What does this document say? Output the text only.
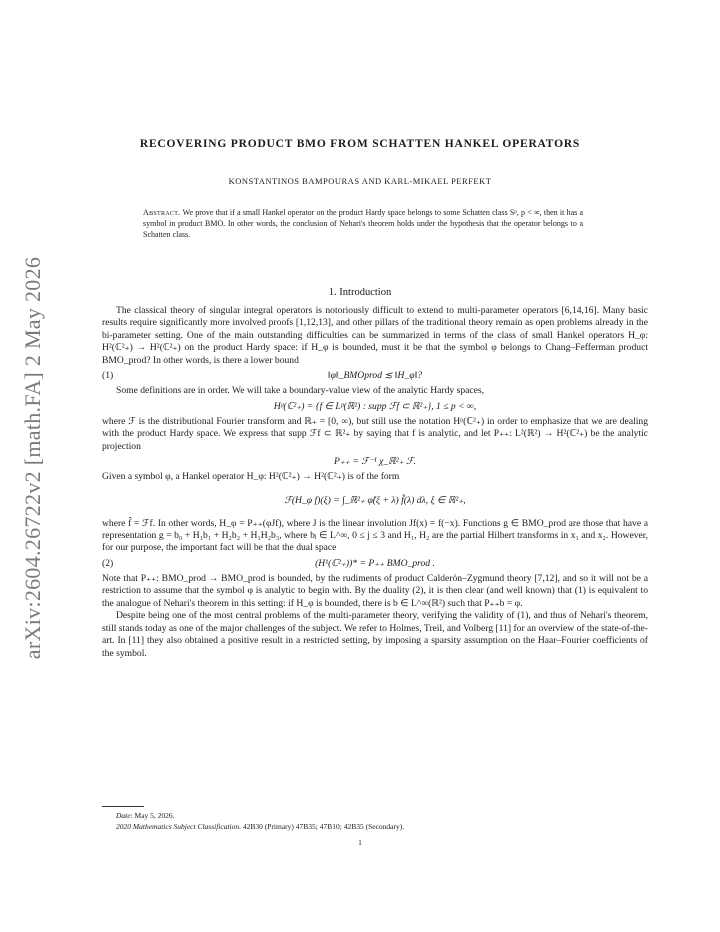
arXiv:2604.26722v2 [math.FA] 2 May 2026
RECOVERING PRODUCT BMO FROM SCHATTEN HANKEL OPERATORS
KONSTANTINOS BAMPOURAS AND KARL-MIKAEL PERFEKT
Abstract. We prove that if a small Hankel operator on the product Hardy space belongs to some Schatten class Sᵖ, p < ∞, then it has a symbol in product BMO. In other words, the conclusion of Nehari's theorem holds under the hypothesis that the operator belongs to a Schatten class.
1. Introduction

The classical theory of singular integral operators is notoriously difficult to extend to multi-parameter operators [6,14,16]. Many basic results require significantly more involved proofs [1,12,13], and other pillars of the traditional theory remain as open problems already in the bi-parameter setting. One of the main outstanding difficulties can be summarized in terms of the class of small Hankel operators H_φ: H²(ℂ²₊) → H²(ℂ²₊) on the product Hardy space: if H_φ is bounded, must it be that the symbol φ belongs to Chang–Fefferman product BMO_prod? In other words, is there a lower bound

(1)	‖φ‖_BMOprod ≲ ‖H_φ‖?

Some definitions are in order. We will take a boundary-value view of the analytic Hardy spaces,

Hᵖ(ℂ²₊) = {f ∈ Lᵖ(ℝ²) : supp ℱf ⊂ ℝ²₊}, 1 ≤ p < ∞,

where ℱ is the distributional Fourier transform and ℝ₊ = [0, ∞), but still use the notation Hᵖ(ℂ²₊) in order to emphasize that we are dealing with the product Hardy space. We express that supp ℱf ⊂ ℝ²₊ by saying that f is analytic, and let P₊₊: L²(ℝ²) → H²(ℂ²₊) be the analytic projection

P₊₊ = ℱ⁻¹ χ_ℝ²₊ ℱ.

Given a symbol φ, a Hankel operator H_φ: H²(ℂ²₊) → H²(ℂ²₊) is of the form

ℱ(H_φ f)(ξ) = ∫_ℝ²₊ φ̂(ξ + λ) f̂(λ) dλ, ξ ∈ ℝ²₊,

where f̂ = ℱf. In other words, H_φ = P₊₊(φJf), where J is the linear involution Jf(x) = f(−x). Functions g ∈ BMO_prod are those that have a representation g = b₀ + H₁b₁ + H₂b₂ + H₁H₂b₃, where bⱼ ∈ L^∞, 0 ≤ j ≤ 3 and H₁, H₂ are the partial Hilbert transforms in x₁ and x₂. However, for our purpose, the important fact will be that the dual space

(2)	(H¹(ℂ²₊))* = P₊₊ BMO_prod .

Note that P₊₊: BMO_prod → BMO_prod is bounded, by the rudiments of product Calderón–Zygmund theory [7,12], and so it will not be a restriction to assume that the symbol φ is analytic to begin with. By the duality (2), it is then clear (and well known) that (1) is equivalent to the analogue of Nehari's theorem in this setting: if H_φ is bounded, there is b ∈ L^∞(ℝ²) such that P₊₊b = φ.

Despite being one of the most central problems of the multi-parameter theory, verifying the validity of (1), and thus of Nehari's theorem, still stands today as one of the major challenges of the subject. We refer to Holmes, Treil, and Volberg [11] for an overview of the state-of-the-art. In [11] they also obtained a positive result in a restricted setting, by imposing a sparsity assumption on the Haar–Fourier coefficients of the symbol.

Date: May 5, 2026.
2020 Mathematics Subject Classification. 42B30 (Primary) 47B35; 47B10; 42B35 (Secondary).
1
